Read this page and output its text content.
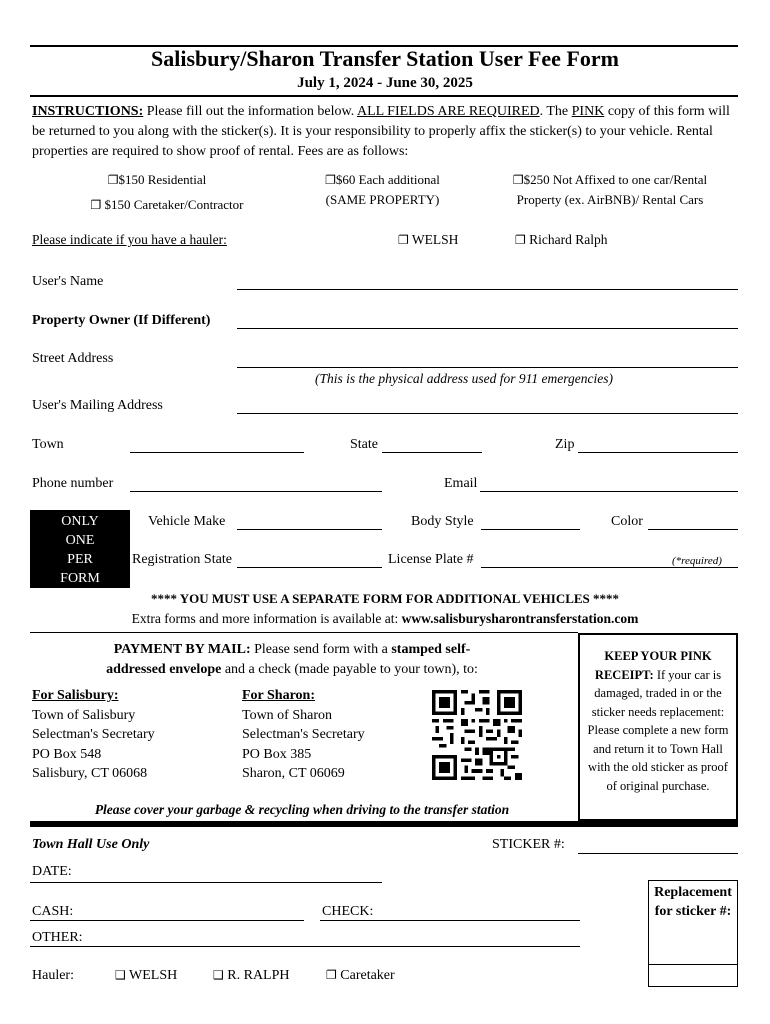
Salisbury/Sharon Transfer Station User Fee Form
July 1, 2024 - June 30, 2025
INSTRUCTIONS: Please fill out the information below. ALL FIELDS ARE REQUIRED. The PINK copy of this form will be returned to you along with the sticker(s). It is your responsibility to properly affix the sticker(s) to your vehicle. Rental properties are required to show proof of rental. Fees are as follows:
❐$150 Residential
❐ $150 Caretaker/Contractor
❐$60 Each additional
(SAME PROPERTY)
❐$250 Not Affixed to one car/Rental
Property (ex. AirBNB)/ Rental Cars
Please indicate if you have a hauler:	❐ WELSH	❐ Richard Ralph
User's Name
Property Owner (If Different)
Street Address
(This is the physical address used for 911 emergencies)
User's Mailing Address
Town	State	Zip
Phone number	Email
ONLY
ONE
PER
FORM
Vehicle Make	Body Style	Color
Registration State	License Plate #	(*required)
**** YOU MUST USE A SEPARATE FORM FOR ADDITIONAL VEHICLES ****
Extra forms and more information is available at: www.salisburysharontransferstation.com
PAYMENT BY MAIL: Please send form with a stamped self-
addressed envelope and a check (made payable to your town), to:
For Salisbury:
Town of Salisbury
Selectman's Secretary
PO Box 548
Salisbury, CT 06068
For Sharon:
Town of Sharon
Selectman's Secretary
PO Box 385
Sharon, CT 06069
Please cover your garbage & recycling when driving to the transfer station
KEEP YOUR PINK RECEIPT: If your car is damaged, traded in or the sticker needs replacement: Please complete a new form and return it to Town Hall with the old sticker as proof of original purchase.
Town Hall Use Only	STICKER #:
DATE:
CASH:	CHECK:
OTHER:
Hauler:	❑ WELSH	❑ R. RALPH	❐ Caretaker
Replacement
for sticker #:
